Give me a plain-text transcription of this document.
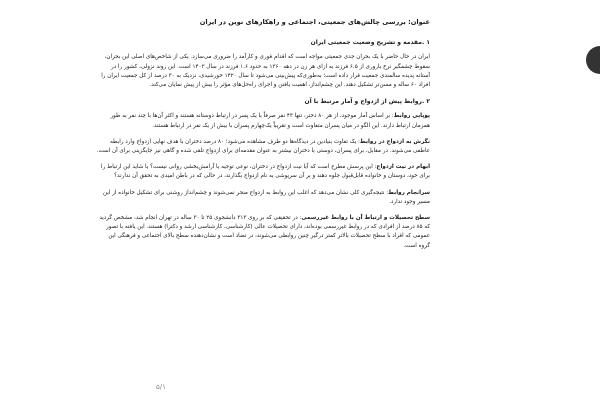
عنوان: بررسی چالش‌های جمعیتی، اجتماعی و راهکارهای نوین در ایران
۱ .مقدمه و تشریح وضعیت جمعیتی ایران
ایران در حال حاضر با یک بحران جدی جمعیتی مواجه است که اقدام فوری و کارآمد را ضروری می‌سازد. یکی از شاخص‌های اصلی این بحران، سقوط چشمگیر نرخ باروری از ۶.۵ فرزند به ازای هر زن در دهه ۱۳۶۰ به حدود ۱.۶ فرزند در سال ۱۴۰۳ است. این روند نزولی، کشور را در آستانه پدیده سالمندی جمعیت قرار داده است؛ به‌طوری‌که پیش‌بینی می‌شود تا سال ۱۴۲۰ خورشیدی، نزدیک به ۳۰ درصد از کل جمعیت ایران را افراد ۶۰ ساله و مسن‌تر تشکیل دهند. این چشم‌انداز، اهمیت یافتن و اجرای راه‌حل‌های مؤثر را بیش از پیش نمایان می‌کند.
۲ .روابط پیش از ازدواج و آمار مرتبط با آن
پوپایی روابط: بر اساس آمار موجود، از هر ۸۰ دختر، تنها ۴۳ نفر صرفاً با یک پسر در ارتباط دوستانه هستند و اکثر آن‌ها با چند نفر به طور همزمان ارتباط دارند. این الگو در میان پسران متفاوت است و تقریباً یک‌چهارم پسران با بیش از یک نفر در ارتباط هستند.
نگرش به ازدواج در روابط: یک تفاوت بنیادین در دیدگاه‌ها دو طرف مشاهده می‌شود؛ ۸۰ درصد دختران با هدف نهایی ازدواج وارد رابطه عاطفی می‌شوند. در مقابل، برای پسران، دوستی با دختران بیشتر به عنوان مقدمه‌ای برای ازدواج تلقی شده و گاهی نیز جایگزینی برای آن است.
ابهام در نیت ازدواج: این پرسش مطرح است که آیا نیت ازدواج در دختران، نوعی توجیه یا آرامش‌بخشی روانی نیست؟ یا شاید این ارتباط را برای خود، دوستان و خانواده قابل‌قبول جلوه دهند و بر آن سرپوشی به نام ازدواج بگذارند، در حالی که در باطن امیدی به تحقق آن ندارند؟
سرانجام روابط: نتیجه‌گیری کلی نشان می‌دهد که اغلب این روابط به ازدواج منجر نمی‌شوند و چشم‌انداز روشنی برای تشکیل خانواده از این مسیر وجود ندارد.
سطح تحصیلات و ارتباط آن با روابط غیررسمی: در تحقیقی که بر روی ۳۱۳ دانشجوی ۲۵ تا ۳۰ ساله در تهران انجام شد، مشخص گردید که ۸۵ درصد از افرادی که در روابط غیررسمی بوده‌اند، دارای تحصیلات عالی (کارشناسی، کارشناسی ارشد و دکترا) هستند. این یافته با تصور عمومی که افراد با سطح تحصیلات بالاتر کمتر درگیر چنین روابطی می‌شوند، در تضاد است و نشان‌دهنده سطح بالای اجتماعی و فرهنگی این گروه است.
۵/۱
